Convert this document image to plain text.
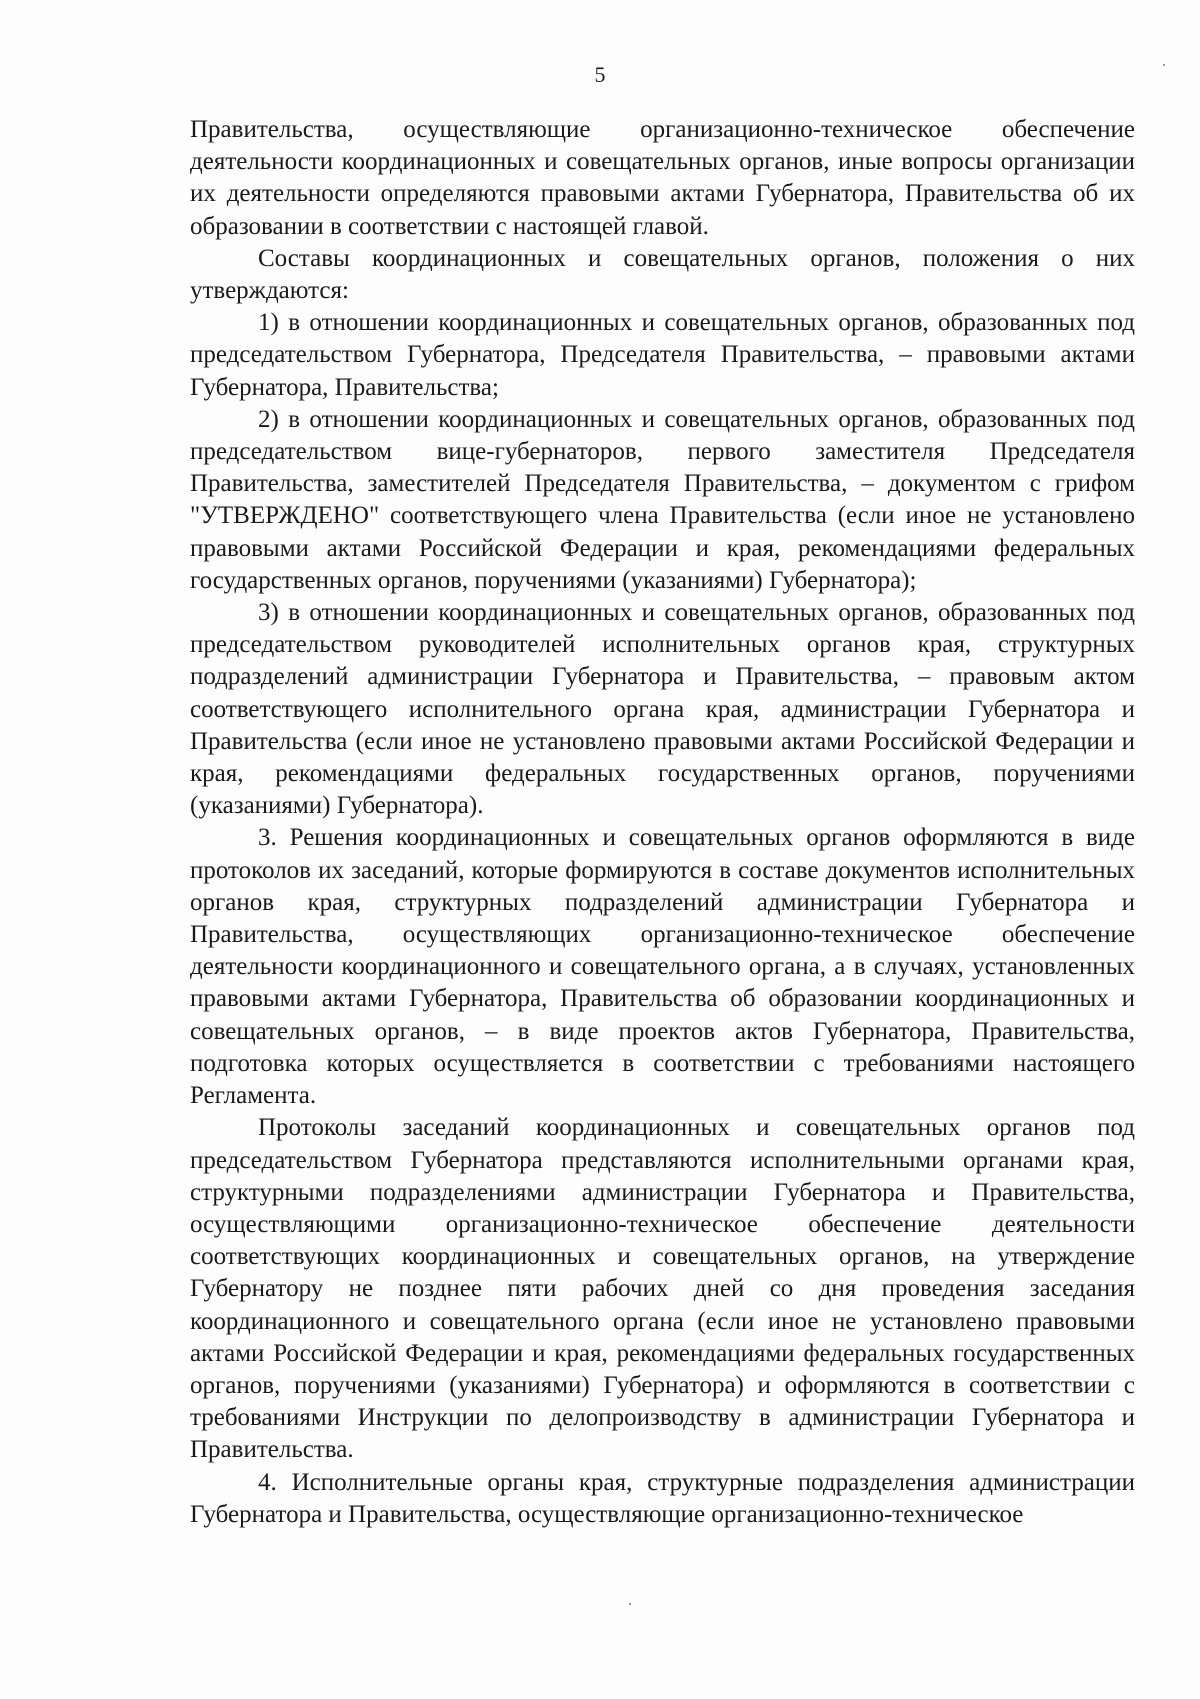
5

Правительства, осуществляющие организационно-техническое обеспечение деятельности координационных и совещательных органов, иные вопросы организации их деятельности определяются правовыми актами Губернатора, Правительства об их образовании в соответствии с настоящей главой.

Составы координационных и совещательных органов, положения о них утверждаются:

1) в отношении координационных и совещательных органов, образованных под председательством Губернатора, Председателя Правительства, – правовыми актами Губернатора, Правительства;

2) в отношении координационных и совещательных органов, образованных под председательством вице-губернаторов, первого заместителя Председателя Правительства, заместителей Председателя Правительства, – документом с грифом "УТВЕРЖДЕНО" соответствующего члена Правительства (если иное не установлено правовыми актами Российской Федерации и края, рекомендациями федеральных государственных органов, поручениями (указаниями) Губернатора);

3) в отношении координационных и совещательных органов, образованных под председательством руководителей исполнительных органов края, структурных подразделений администрации Губернатора и Правительства, – правовым актом соответствующего исполнительного органа края, администрации Губернатора и Правительства (если иное не установлено правовыми актами Российской Федерации и края, рекомендациями федеральных государственных органов, поручениями (указаниями) Губернатора).

3. Решения координационных и совещательных органов оформляются в виде протоколов их заседаний, которые формируются в составе документов исполнительных органов края, структурных подразделений администрации Губернатора и Правительства, осуществляющих организационно-техническое обеспечение деятельности координационного и совещательного органа, а в случаях, установленных правовыми актами Губернатора, Правительства об образовании координационных и совещательных органов, – в виде проектов актов Губернатора, Правительства, подготовка которых осуществляется в соответствии с требованиями настоящего Регламента.

Протоколы заседаний координационных и совещательных органов под председательством Губернатора представляются исполнительными органами края, структурными подразделениями администрации Губернатора и Правительства, осуществляющими организационно-техническое обеспечение деятельности соответствующих координационных и совещательных органов, на утверждение Губернатору не позднее пяти рабочих дней со дня проведения заседания координационного и совещательного органа (если иное не установлено правовыми актами Российской Федерации и края, рекомендациями федеральных государственных органов, поручениями (указаниями) Губернатора) и оформляются в соответствии с требованиями Инструкции по делопроизводству в администрации Губернатора и Правительства.

4. Исполнительные органы края, структурные подразделения администрации Губернатора и Правительства, осуществляющие организационно-техническое
